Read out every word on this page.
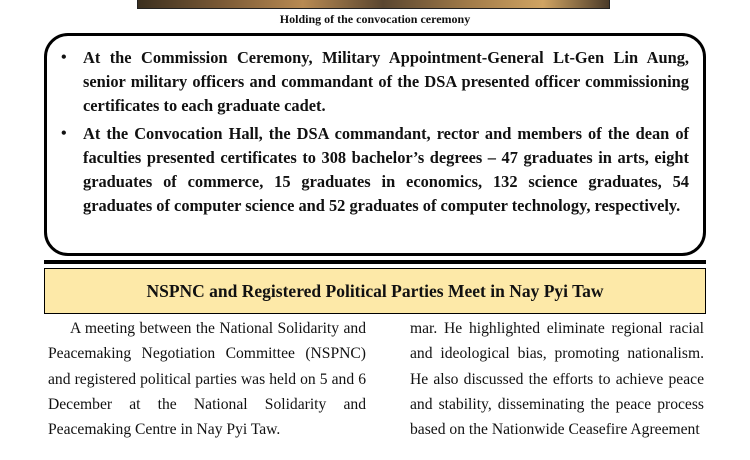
Holding of the convocation ceremony
• At the Commission Ceremony, Military Appointment-General Lt-Gen Lin Aung, senior military officers and commandant of the DSA presented officer commissioning certificates to each graduate cadet.
• At the Convocation Hall, the DSA commandant, rector and members of the dean of faculties presented certificates to 308 bachelor’s degrees – 47 graduates in arts, eight graduates of commerce, 15 graduates in economics, 132 science graduates, 54 graduates of computer science and 52 graduates of computer technology, respectively.
NSPNC and Registered Political Parties Meet in Nay Pyi Taw
A meeting between the National Solidarity and Peacemaking Negotiation Committee (NSPNC) and registered political parties was held on 5 and 6 December at the National Solidarity and Peacemaking Centre in Nay Pyi Taw.
mar. He highlighted eliminate regional racial and ideological bias, promoting nationalism. He also discussed the efforts to achieve peace and stability, disseminating the peace process based on the Nationwide Ceasefire Agreement
